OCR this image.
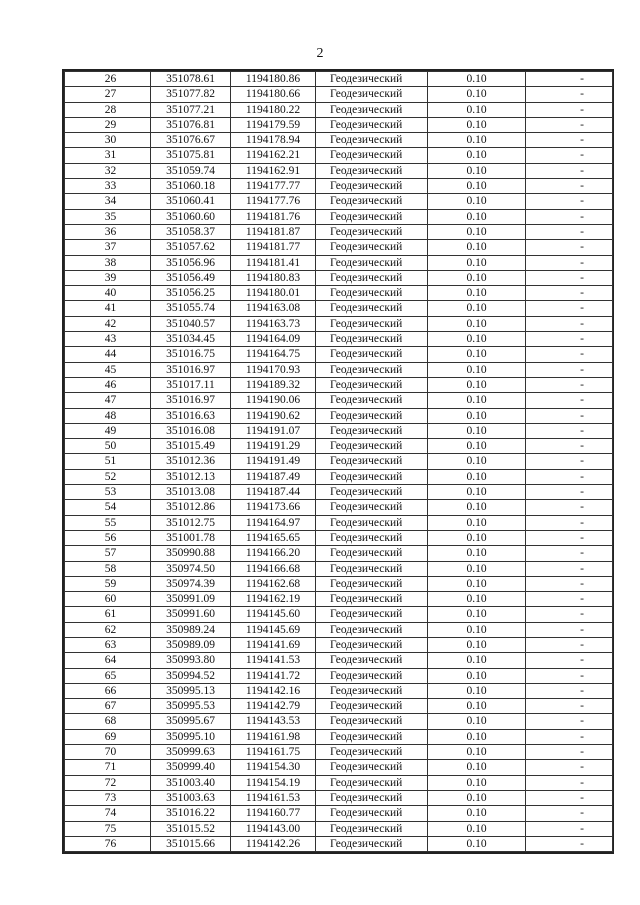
2
26	351078.61	1194180.86	Геодезический	0.10	-
27	351077.82	1194180.66	Геодезический	0.10	-
28	351077.21	1194180.22	Геодезический	0.10	-
29	351076.81	1194179.59	Геодезический	0.10	-
30	351076.67	1194178.94	Геодезический	0.10	-
31	351075.81	1194162.21	Геодезический	0.10	-
32	351059.74	1194162.91	Геодезический	0.10	-
33	351060.18	1194177.77	Геодезический	0.10	-
34	351060.41	1194177.76	Геодезический	0.10	-
35	351060.60	1194181.76	Геодезический	0.10	-
36	351058.37	1194181.87	Геодезический	0.10	-
37	351057.62	1194181.77	Геодезический	0.10	-
38	351056.96	1194181.41	Геодезический	0.10	-
39	351056.49	1194180.83	Геодезический	0.10	-
40	351056.25	1194180.01	Геодезический	0.10	-
41	351055.74	1194163.08	Геодезический	0.10	-
42	351040.57	1194163.73	Геодезический	0.10	-
43	351034.45	1194164.09	Геодезический	0.10	-
44	351016.75	1194164.75	Геодезический	0.10	-
45	351016.97	1194170.93	Геодезический	0.10	-
46	351017.11	1194189.32	Геодезический	0.10	-
47	351016.97	1194190.06	Геодезический	0.10	-
48	351016.63	1194190.62	Геодезический	0.10	-
49	351016.08	1194191.07	Геодезический	0.10	-
50	351015.49	1194191.29	Геодезический	0.10	-
51	351012.36	1194191.49	Геодезический	0.10	-
52	351012.13	1194187.49	Геодезический	0.10	-
53	351013.08	1194187.44	Геодезический	0.10	-
54	351012.86	1194173.66	Геодезический	0.10	-
55	351012.75	1194164.97	Геодезический	0.10	-
56	351001.78	1194165.65	Геодезический	0.10	-
57	350990.88	1194166.20	Геодезический	0.10	-
58	350974.50	1194166.68	Геодезический	0.10	-
59	350974.39	1194162.68	Геодезический	0.10	-
60	350991.09	1194162.19	Геодезический	0.10	-
61	350991.60	1194145.60	Геодезический	0.10	-
62	350989.24	1194145.69	Геодезический	0.10	-
63	350989.09	1194141.69	Геодезический	0.10	-
64	350993.80	1194141.53	Геодезический	0.10	-
65	350994.52	1194141.72	Геодезический	0.10	-
66	350995.13	1194142.16	Геодезический	0.10	-
67	350995.53	1194142.79	Геодезический	0.10	-
68	350995.67	1194143.53	Геодезический	0.10	-
69	350995.10	1194161.98	Геодезический	0.10	-
70	350999.63	1194161.75	Геодезический	0.10	-
71	350999.40	1194154.30	Геодезический	0.10	-
72	351003.40	1194154.19	Геодезический	0.10	-
73	351003.63	1194161.53	Геодезический	0.10	-
74	351016.22	1194160.77	Геодезический	0.10	-
75	351015.52	1194143.00	Геодезический	0.10	-
76	351015.66	1194142.26	Геодезический	0.10	-
